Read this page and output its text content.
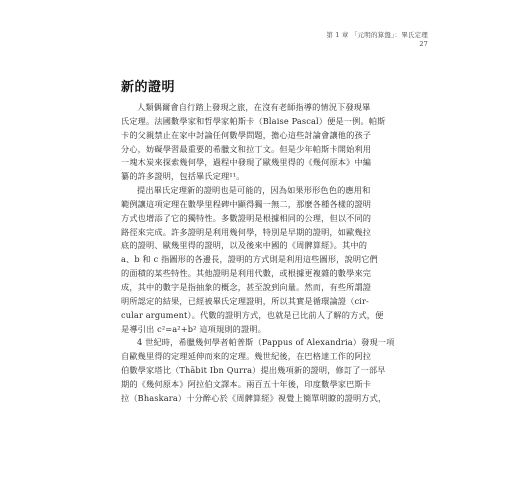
第 1 章 「元明的算盤」：畢氏定理
27
新的證明
人類偶爾會自行踏上發現之旅，在沒有老師指導的情況下發現畢
氏定理。法國數學家和哲學家帕斯卡（Blaise Pascal）便是一例。帕斯
卡的父親禁止在家中討論任何數學問題，擔心這些討論會讓他的孩子
分心，妨礙學習最重要的希臘文和拉丁文。但是少年帕斯卡開始利用
一塊木炭來探索幾何學，過程中發現了歐幾里得的《幾何原本》中編
纂的許多證明，包括畢氏定理¹¹。
提出畢氏定理新的證明也是可能的，因為如果形形色色的應用和
範例讓這項定理在數學里程碑中顯得獨一無二，那麼各種各樣的證明
方式也增添了它的獨特性。多數證明是根據相同的公理，但以不同的
路徑來完成。許多證明是利用幾何學，特別是早期的證明，如歐幾拉
底的證明、歐幾里得的證明，以及後來中國的《周髀算經》。其中的
a、b 和 c 指圖形的各邊長，證明的方式則是利用這些圖形，說明它們
的面積的某些特性。其他證明是利用代數，或根據更複雜的數學來完
成，其中的數字是指抽象的概念，甚至說到向量。然而，有些所謂證
明所認定的結果，已經被畢氏定理證明，所以其實是循環論證（cir-
cular argument）。代數的證明方式，也就是已比前人了解的方式，便
是導引出 c²=a²+b² 這項規則的證明。
4 世紀時，希臘幾何學者帕普斯（Pappus of Alexandria）發現一項
自歐幾里得的定理延伸而來的定理。幾世紀後，在巴格達工作的阿拉
伯數學家塔比（Thābit Ibn Qurra）提出幾項新的證明，修訂了一部早
期的《幾何原本》阿拉伯文譯本。兩百五十年後，印度數學家巴斯卡
拉（Bhaskara）十分醉心於《周髀算經》視覺上簡單明瞭的證明方式，
